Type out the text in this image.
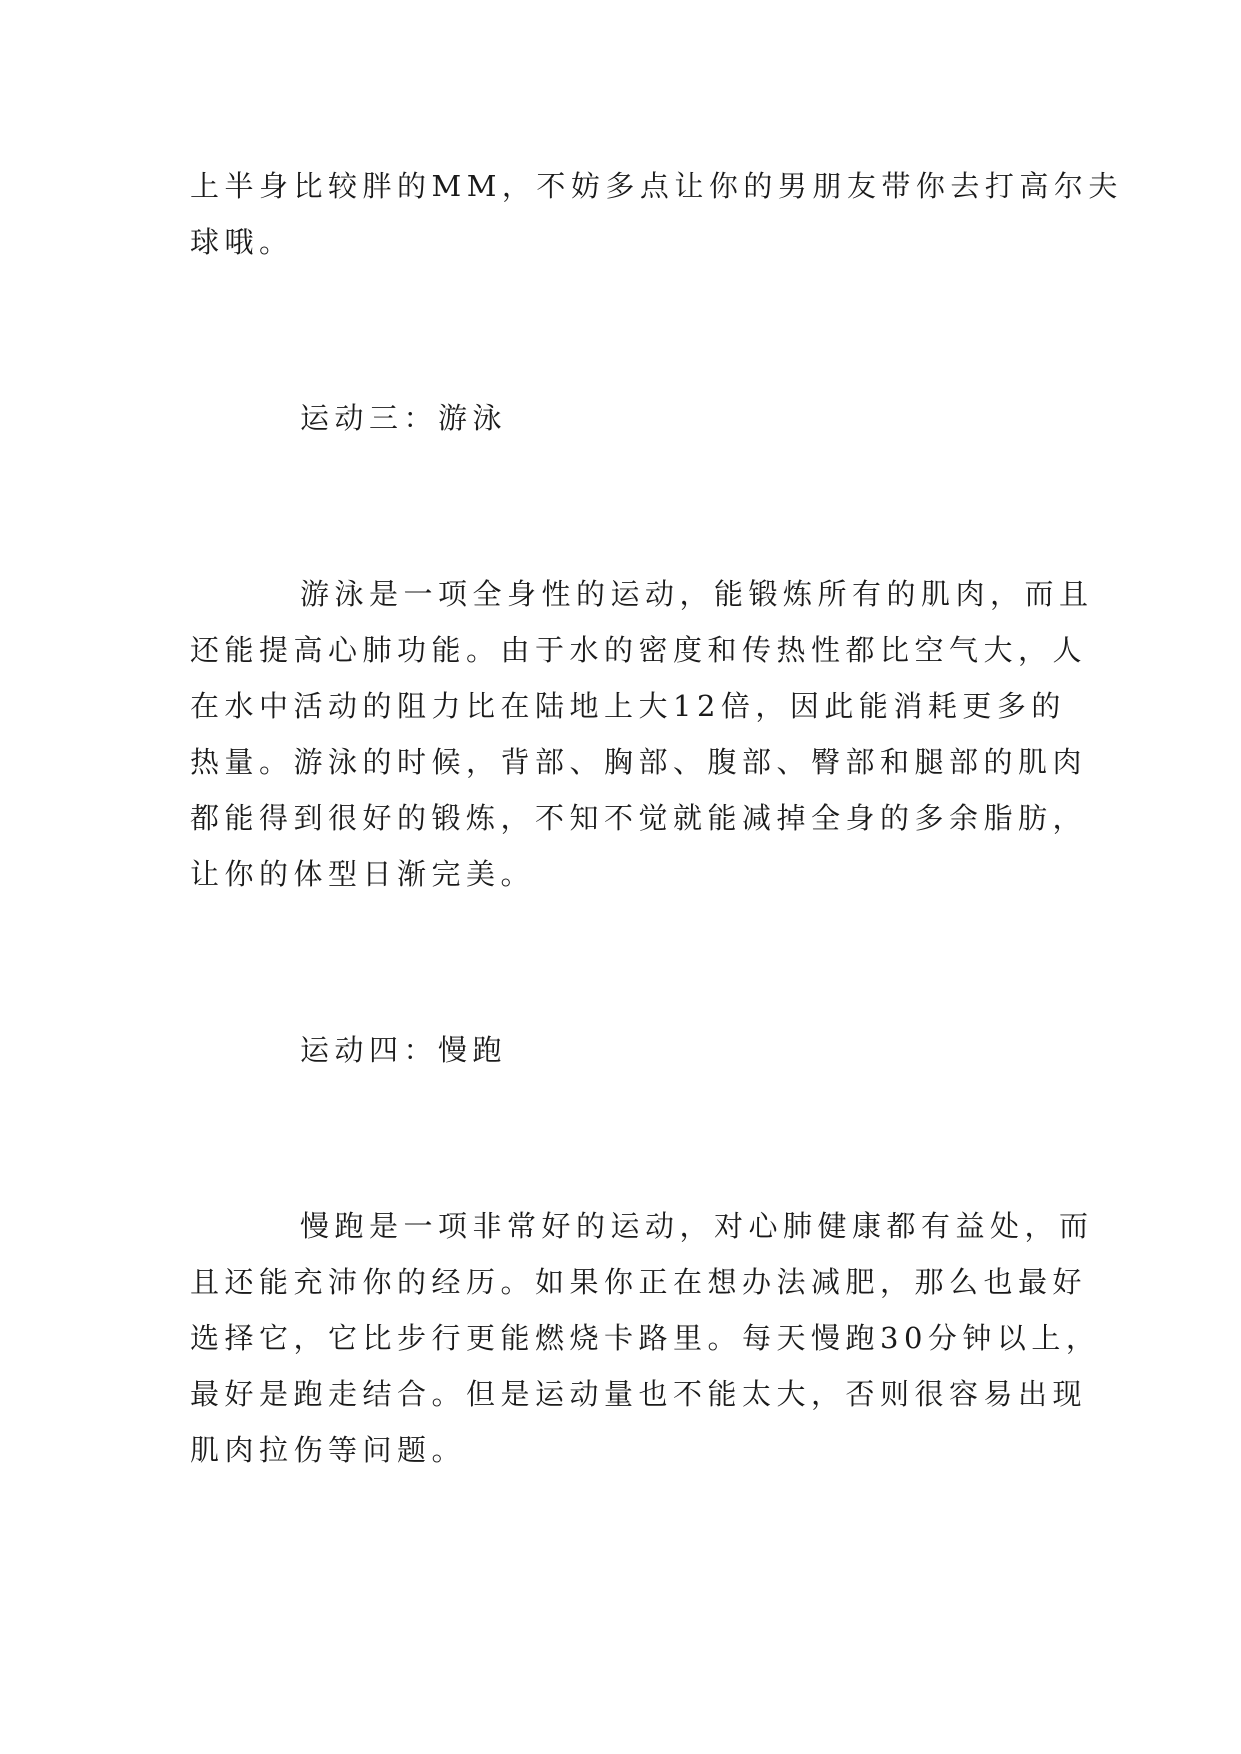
上半身比较胖的MM，不妨多点让你的男朋友带你去打高尔夫
球哦。
运动三：游泳
游泳是一项全身性的运动，能锻炼所有的肌肉，而且
还能提高心肺功能。由于水的密度和传热性都比空气大，人
在水中活动的阻力比在陆地上大12倍，因此能消耗更多的
热量。游泳的时候，背部、胸部、腹部、臀部和腿部的肌肉
都能得到很好的锻炼，不知不觉就能减掉全身的多余脂肪，
让你的体型日渐完美。
运动四：慢跑
慢跑是一项非常好的运动，对心肺健康都有益处，而
且还能充沛你的经历。如果你正在想办法减肥，那么也最好
选择它，它比步行更能燃烧卡路里。每天慢跑30分钟以上，
最好是跑走结合。但是运动量也不能太大，否则很容易出现
肌肉拉伤等问题。
